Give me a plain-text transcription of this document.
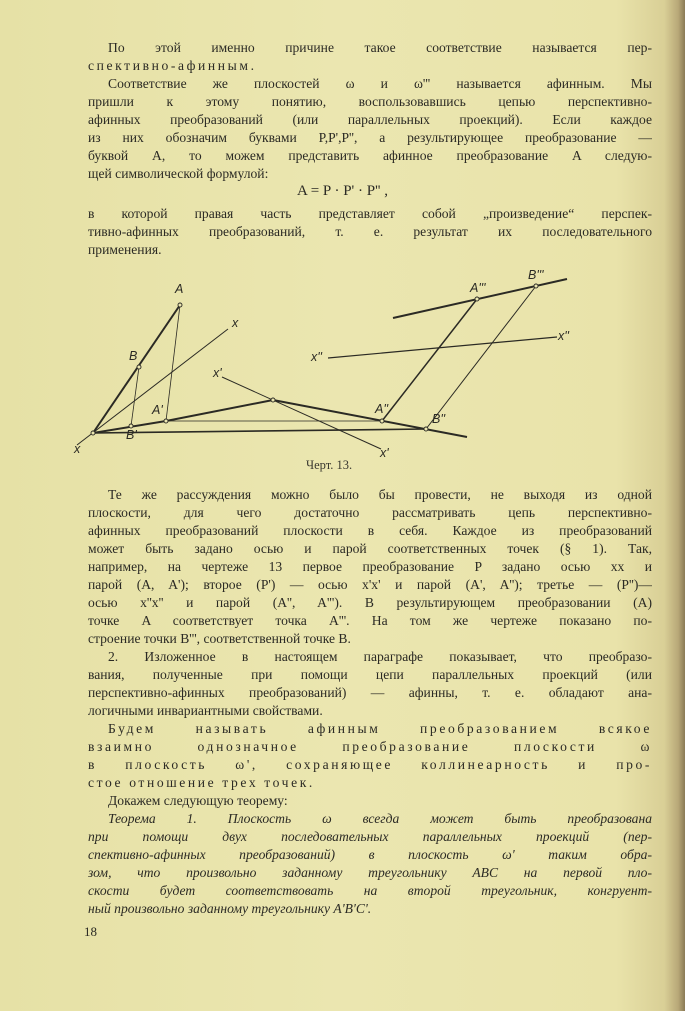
По этой именно причине такое соответствие называется пер-
спективно-афинным.
Соответствие же плоскостей ω и ω''' называется афинным. Мы
пришли к этому понятию, воспользовавшись цепью перспективно-
афинных преобразований (или параллельных проекций). Если каждое
из них обозначим буквами P,P',P'', а результирующее преобразование —
буквой A, то можем представить афинное преобразование A следую-
щей символической формулой:
A = P · P' · P'' ,
в которой правая часть представляет собой „произведение“ перспек-
тивно-афинных преобразований, т. е. результат их последовательного
применения.
A
B
A'
B'
x
x
x'
x'
x''
x''
A''
B''
A'''
B'''
Черт. 13.
Те же рассуждения можно было бы провести, не выходя из одной
плоскости, для чего достаточно рассматривать цепь перспективно-
афинных преобразований плоскости в себя. Каждое из преобразований
может быть задано осью и парой соответственных точек (§ 1). Так,
например, на чертеже 13 первое преобразование P задано осью xx и
парой (A, A'); второе (P') — осью x'x' и парой (A', A''); третье — (P'')—
осью x''x'' и парой (A'', A'''). В результирующем преобразовании (A)
точке A соответствует точка A'''. На том же чертеже показано по-
строение точки B''', соответственной точке B.
2. Изложенное в настоящем параграфе показывает, что преобразо-
вания, полученные при помощи цепи параллельных проекций (или
перспективно-афинных преобразований) — афинны, т. е. обладают ана-
логичными инвариантными свойствами.
Будем называть афинным преобразованием всякое
взаимно однозначное преобразование плоскости ω
в плоскость ω', сохраняющее коллинеарность и про-
стое отношение трех точек.
Докажем следующую теорему:
Теорема 1. Плоскость ω всегда может быть преобразована
при помощи двух последовательных параллельных проекций (пер-
спективно-афинных преобразований) в плоскость ω' таким обра-
зом, что произвольно заданному треугольнику ABC на первой пло-
скости будет соответствовать на второй треугольник, конгруент-
ный произвольно заданному треугольнику A'B'C'.
18
